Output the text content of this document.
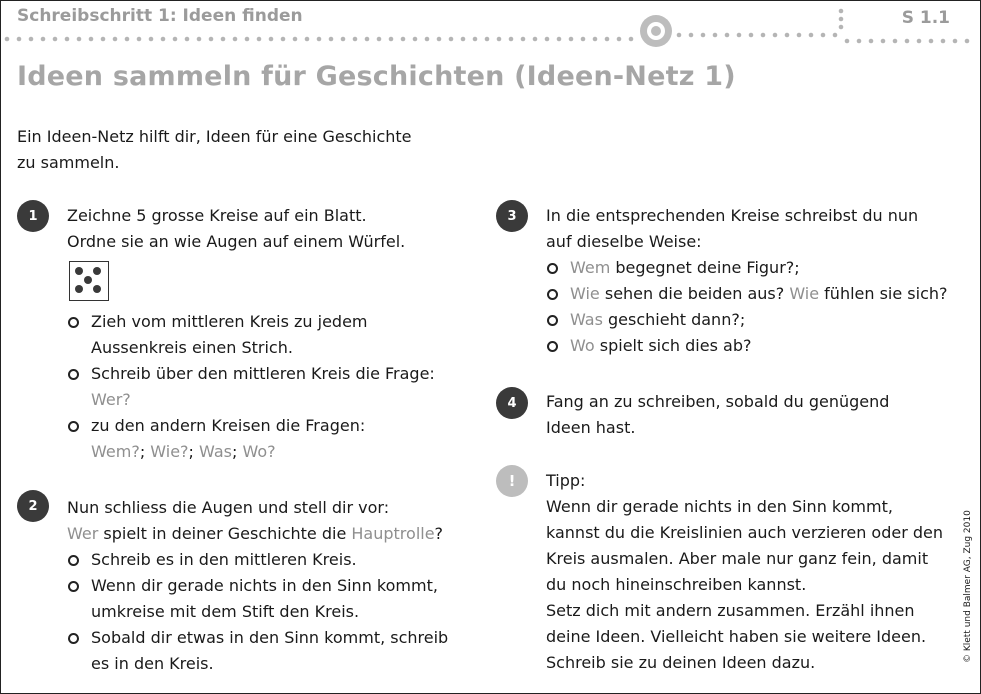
Schreibschritt 1: Ideen finden	S 1.1
Ideen sammeln für Geschichten (Ideen-Netz 1)
Ein Ideen-Netz hilft dir, Ideen für eine Geschichte
zu sammeln.
1	Zeichne 5 grosse Kreise auf ein Blatt.

Ordne sie an wie Augen auf einem Würfel.

Zieh vom mittleren Kreis zu jedem
Aussenkreis einen Strich.
Schreib über den mittleren Kreis die Frage:
Wer?
zu den andern Kreisen die Fragen:
Wem?; Wie?; Was; Wo?
2	Nun schliess die Augen und stell dir vor:

Wer spielt in deiner Geschichte die Hauptrolle?

Schreib es in den mittleren Kreis.
Wenn dir gerade nichts in den Sinn kommt,
umkreise mit dem Stift den Kreis.
Sobald dir etwas in den Sinn kommt, schreib
es in den Kreis.
3	In die entsprechenden Kreise schreibst du nun

auf dieselbe Weise:

Wem begegnet deine Figur?;
Wie sehen die beiden aus? Wie fühlen sie sich?
Was geschieht dann?;
Wo spielt sich dies ab?
4	Fang an zu schreiben, sobald du genügend

Ideen hast.

!	Tipp:

Wenn dir gerade nichts in den Sinn kommt,

kannst du die Kreislinien auch verzieren oder den

Kreis ausmalen. Aber male nur ganz fein, damit

du noch hineinschreiben kannst.

Setz dich mit andern zusammen. Erzähl ihnen

deine Ideen. Vielleicht haben sie weitere Ideen.

Schreib sie zu deinen Ideen dazu.	© Klett und Balmer AG, Zug 2010
